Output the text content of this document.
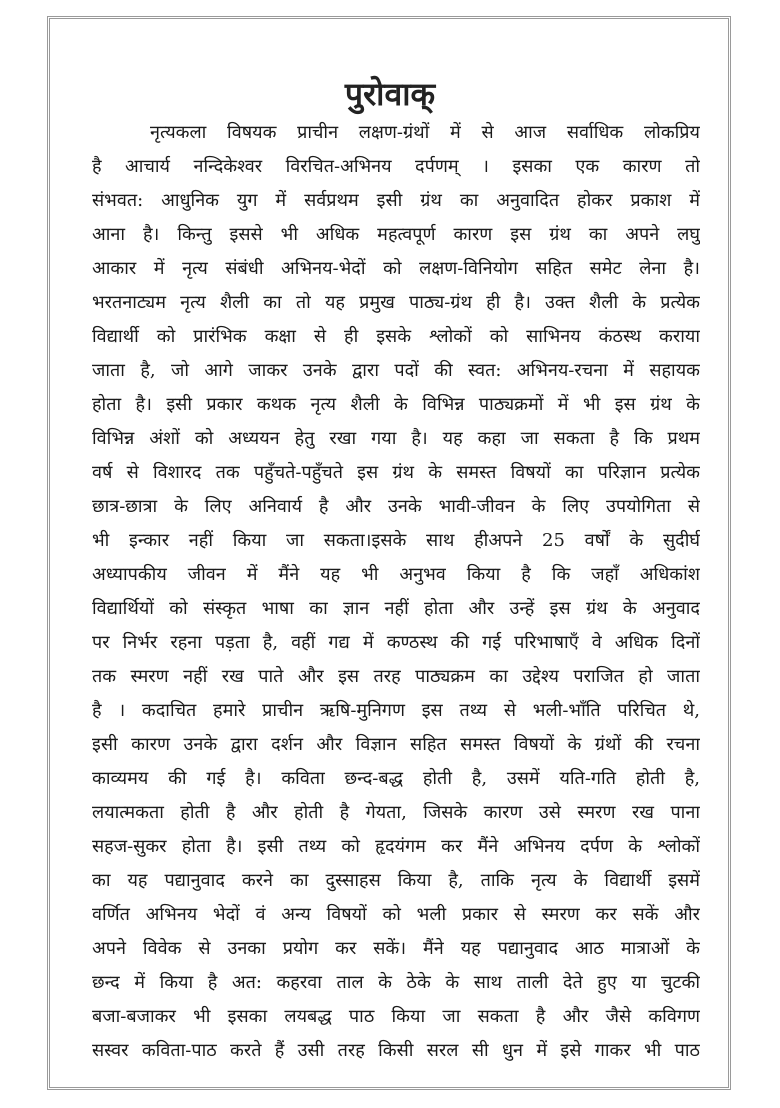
पुरोवाक्
नृत्यकला विषयक प्राचीन लक्षण-ग्रंथों में से आज सर्वाधिक लोकप्रिय
है आचार्य नन्दिकेश्वर विरचित-अभिनय दर्पणम् । इसका एक कारण तो
संभवत: आधुनिक युग में सर्वप्रथम इसी ग्रंथ का अनुवादित होकर प्रकाश में
आना है। किन्तु इससे भी अधिक महत्वपूर्ण कारण इस ग्रंथ का अपने लघु
आकार में नृत्य संबंधी अभिनय-भेदों को लक्षण-विनियोग सहित समेट लेना है।
भरतनाट्यम नृत्य शैली का तो यह प्रमुख पाठ्य-ग्रंथ ही है। उक्त शैली के प्रत्येक
विद्यार्थी को प्रारंभिक कक्षा से ही इसके श्लोकों को साभिनय कंठस्थ कराया
जाता है, जो आगे जाकर उनके द्वारा पदों की स्वत: अभिनय-रचना में सहायक
होता है। इसी प्रकार कथक नृत्य शैली के विभिन्न पाठ्यक्रमों में भी इस ग्रंथ के
विभिन्न अंशों को अध्ययन हेतु रखा गया है। यह कहा जा सकता है कि प्रथम
वर्ष से विशारद तक पहुँचते-पहुँचते इस ग्रंथ के समस्त विषयों का परिज्ञान प्रत्येक
छात्र-छात्रा के लिए अनिवार्य है और उनके भावी-जीवन के लिए उपयोगिता से
भी इन्कार नहीं किया जा सकता।इसके साथ हीअपने 25 वर्षों के सुदीर्घ
अध्यापकीय जीवन में मैंने यह भी अनुभव किया है कि जहाँ अधिकांश
विद्यार्थियों को संस्कृत भाषा का ज्ञान नहीं होता और उन्हें इस ग्रंथ के अनुवाद
पर निर्भर रहना पड़ता है, वहीं गद्य में कण्ठस्थ की गई परिभाषाएँ वे अधिक दिनों
तक स्मरण नहीं रख पाते और इस तरह पाठ्यक्रम का उद्देश्य पराजित हो जाता
है । कदाचित हमारे प्राचीन ऋषि-मुनिगण इस तथ्य से भली-भाँति परिचित थे,
इसी कारण उनके द्वारा दर्शन और विज्ञान सहित समस्त विषयों के ग्रंथों की रचना
काव्यमय की गई है। कविता छन्द-बद्ध होती है, उसमें यति-गति होती है,
लयात्मकता होती है और होती है गेयता, जिसके कारण उसे स्मरण रख पाना
सहज-सुकर होता है। इसी तथ्य को हृदयंगम कर मैंने अभिनय दर्पण के श्लोकों
का यह पद्यानुवाद करने का दुस्साहस किया है, ताकि नृत्य के विद्यार्थी इसमें
वर्णित अभिनय भेदों वं अन्य विषयों को भली प्रकार से स्मरण कर सकें और
अपने विवेक से उनका प्रयोग कर सकें। मैंने यह पद्यानुवाद आठ मात्राओं के
छन्द में किया है अत: कहरवा ताल के ठेके के साथ ताली देते हुए या चुटकी
बजा-बजाकर भी इसका लयबद्ध पाठ किया जा सकता है और जैसे कविगण
सस्वर कविता-पाठ करते हैं उसी तरह किसी सरल सी धुन में इसे गाकर भी पाठ
